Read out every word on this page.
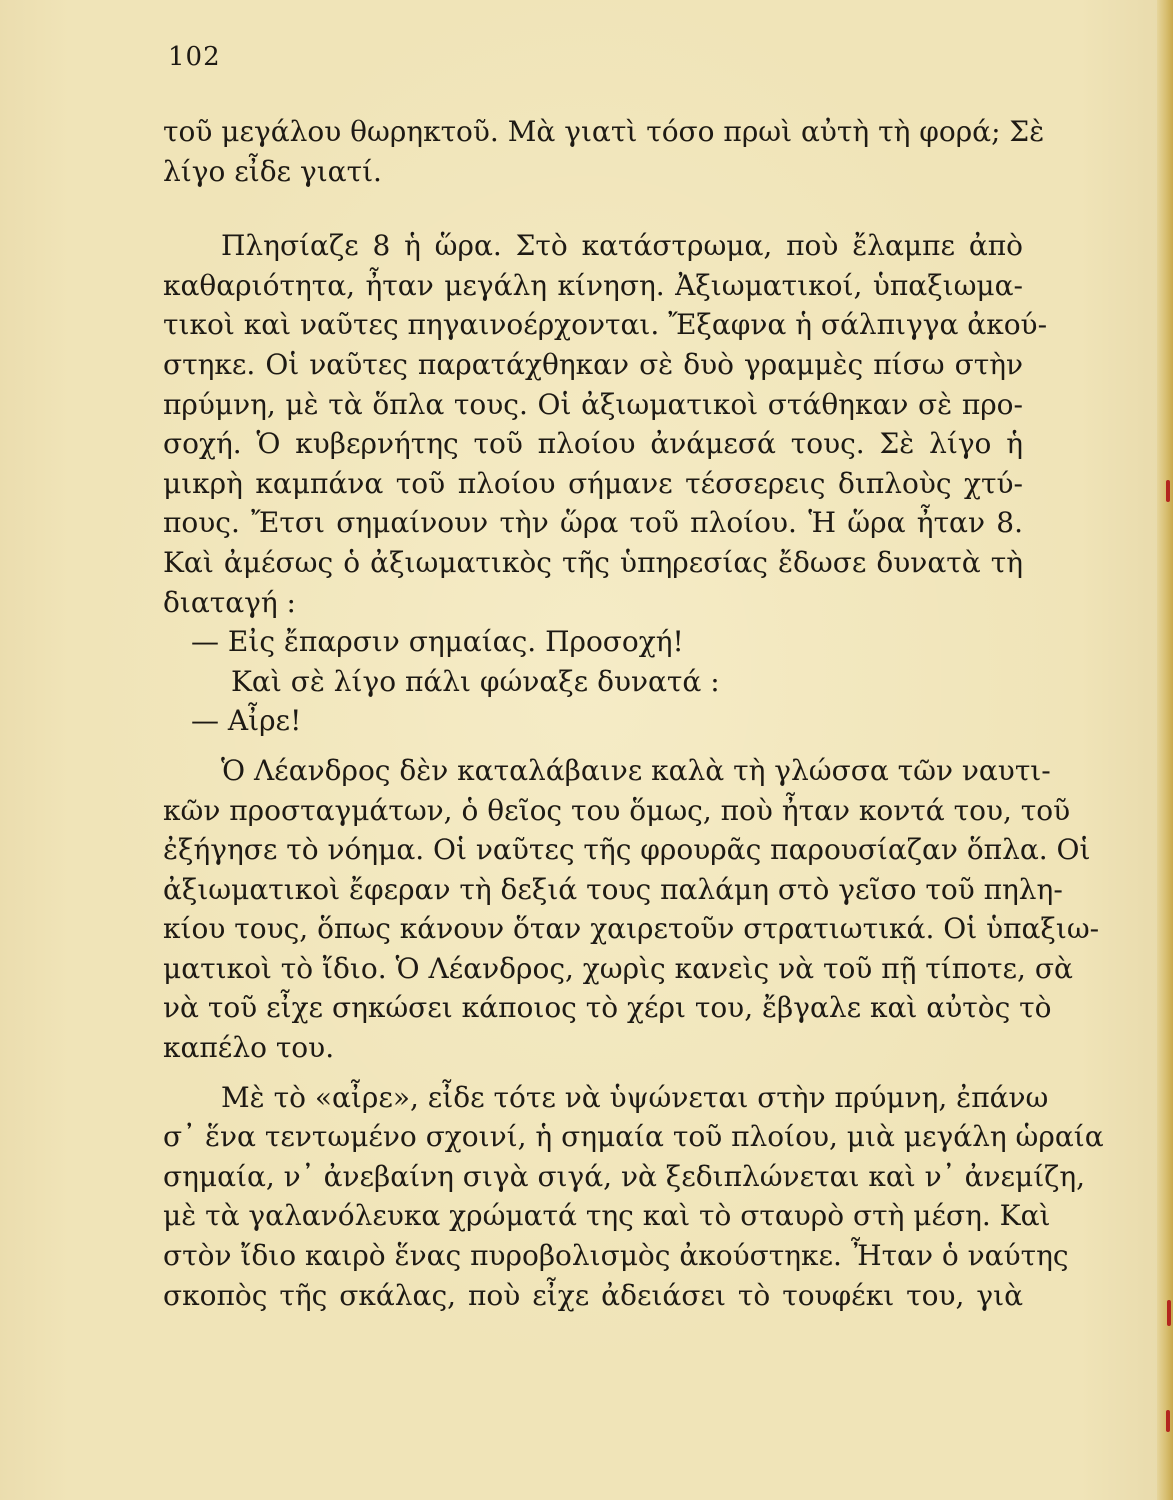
102
τοῦ μεγάλου θωρηκτοῦ. Μὰ γιατὶ τόσο πρωὶ αὐτὴ τὴ φορά; Σὲ
λίγο εἶδε γιατί.
Πλησίαζε 8 ἡ ὥρα. Στὸ κατάστρωμα, ποὺ ἔλαμπε ἀπὸ
καθαριότητα, ἦταν μεγάλη κίνηση. Ἀξιωματικοί, ὑπαξιωμα-
τικοὶ καὶ ναῦτες πηγαινοέρχονται. Ἔξαφνα ἡ σάλπιγγα ἀκού-
στηκε. Οἱ ναῦτες παρατάχθηκαν σὲ δυὸ γραμμὲς πίσω στὴν
πρύμνη, μὲ τὰ ὅπλα τους. Οἱ ἀξιωματικοὶ στάθηκαν σὲ προ-
σοχή. Ὁ κυβερνήτης τοῦ πλοίου ἀνάμεσά τους. Σὲ λίγο ἡ
μικρὴ καμπάνα τοῦ πλοίου σήμανε τέσσερεις διπλοὺς χτύ-
πους. Ἔτσι σημαίνουν τὴν ὥρα τοῦ πλοίου. Ἡ ὥρα ἦταν 8.
Καὶ ἀμέσως ὁ ἀξιωματικὸς τῆς ὑπηρεσίας ἔδωσε δυνατὰ τὴ
διαταγή :
— Εἰς ἔπαρσιν σημαίας. Προσοχή!
Καὶ σὲ λίγο πάλι φώναξε δυνατά :
— Αἶρε!
Ὁ Λέανδρος δὲν καταλάβαινε καλὰ τὴ γλώσσα τῶν ναυτι-
κῶν προσταγμάτων, ὁ θεῖος του ὅμως, ποὺ ἦταν κοντά του, τοῦ
ἐξήγησε τὸ νόημα. Οἱ ναῦτες τῆς φρουρᾶς παρουσίαζαν ὅπλα. Οἱ
ἀξιωματικοὶ ἔφεραν τὴ δεξιά τους παλάμη στὸ γεῖσο τοῦ πηλη-
κίου τους, ὅπως κάνουν ὅταν χαιρετοῦν στρατιωτικά. Οἱ ὑπαξιω-
ματικοὶ τὸ ἴδιο. Ὁ Λέανδρος, χωρὶς κανεὶς νὰ τοῦ πῇ τίποτε, σὰ
νὰ τοῦ εἶχε σηκώσει κάποιος τὸ χέρι του, ἔβγαλε καὶ αὐτὸς τὸ
καπέλο του.
Μὲ τὸ «αἶρε», εἶδε τότε νὰ ὑψώνεται στὴν πρύμνη, ἐπάνω
σ᾽ ἕνα τεντωμένο σχοινί, ἡ σημαία τοῦ πλοίου, μιὰ μεγάλη ὡραία
σημαία, ν᾽ ἀνεβαίνη σιγὰ σιγά, νὰ ξεδιπλώνεται καὶ ν᾽ ἀνεμίζη,
μὲ τὰ γαλανόλευκα χρώματά της καὶ τὸ σταυρὸ στὴ μέση. Καὶ
στὸν ἴδιο καιρὸ ἕνας πυροβολισμὸς ἀκούστηκε. Ἦταν ὁ ναύτης
σκοπὸς τῆς σκάλας, ποὺ εἶχε ἀδειάσει τὸ τουφέκι του, γιὰ
